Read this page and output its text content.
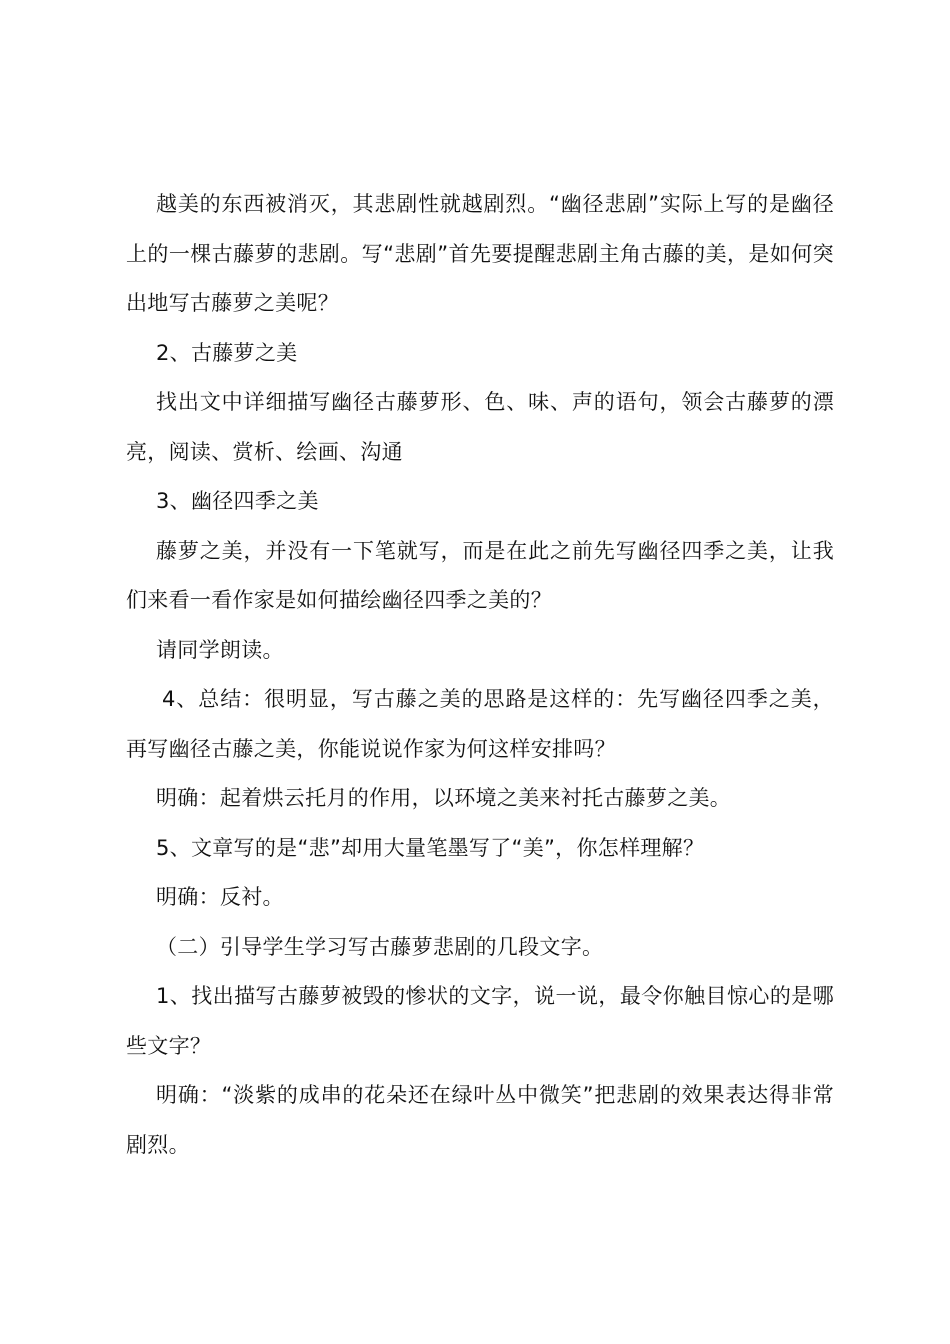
越美的东西被消灭，其悲剧性就越剧烈。“幽径悲剧”实际上写的是幽径上的一棵古藤萝的悲剧。写“悲剧”首先要提醒悲剧主角古藤的美，是如何突出地写古藤萝之美呢？

2、古藤萝之美

找出文中详细描写幽径古藤萝形、色、味、声的语句，领会古藤萝的漂亮，阅读、赏析、绘画、沟通

3、幽径四季之美

藤萝之美，并没有一下笔就写，而是在此之前先写幽径四季之美，让我们来看一看作家是如何描绘幽径四季之美的？

请同学朗读。

4、总结：很明显，写古藤之美的思路是这样的：先写幽径四季之美，再写幽径古藤之美，你能说说作家为何这样安排吗？

明确：起着烘云托月的作用，以环境之美来衬托古藤萝之美。

5、文章写的是“悲”却用大量笔墨写了“美”，你怎样理解？

明确：反衬。

（二）引导学生学习写古藤萝悲剧的几段文字。

1、找出描写古藤萝被毁的惨状的文字，说一说，最令你触目惊心的是哪些文字？

明确：“淡紫的成串的花朵还在绿叶丛中微笑”把悲剧的效果表达得非常剧烈。
